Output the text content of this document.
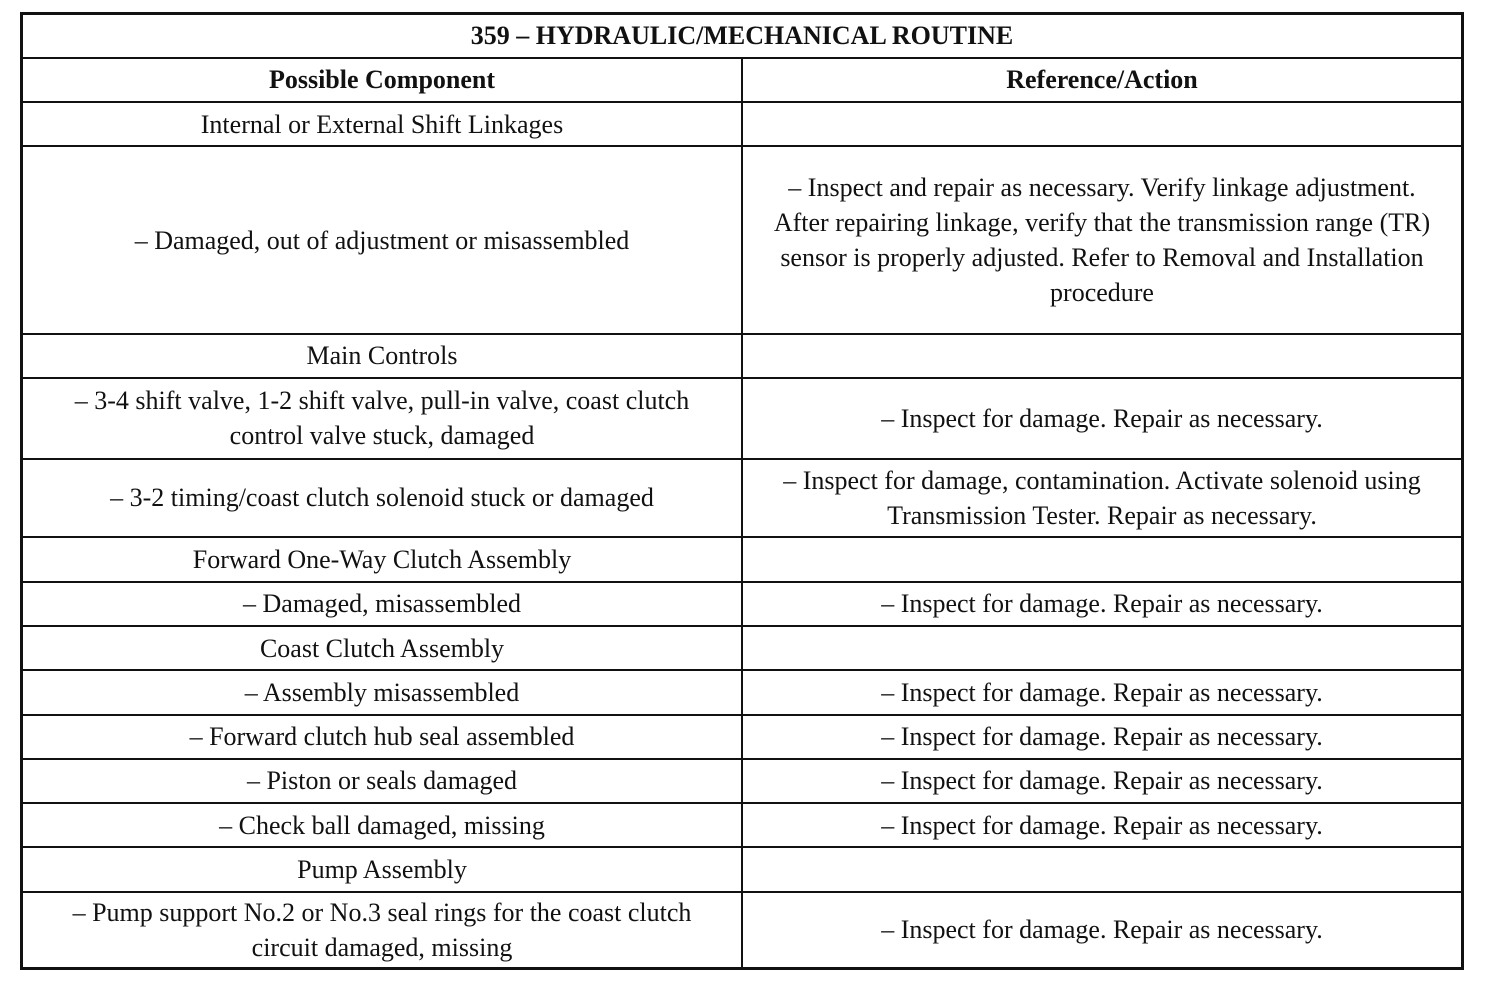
359 – HYDRAULIC/MECHANICAL ROUTINE	
Possible Component	Reference/Action
Internal or External Shift Linkages	
– Damaged, out of adjustment or misassembled	– Inspect and repair as necessary. Verify linkage adjustment. After repairing linkage, verify that the transmission range (TR) sensor is properly adjusted. Refer to Removal and Installation procedure
Main Controls	
– 3-4 shift valve, 1-2 shift valve, pull-in valve, coast clutch control valve stuck, damaged	– Inspect for damage. Repair as necessary.
– 3-2 timing/coast clutch solenoid stuck or damaged	– Inspect for damage, contamination. Activate solenoid using Transmission Tester. Repair as necessary.
Forward One-Way Clutch Assembly	
– Damaged, misassembled	– Inspect for damage. Repair as necessary.
Coast Clutch Assembly	
– Assembly misassembled	– Inspect for damage. Repair as necessary.
– Forward clutch hub seal assembled	– Inspect for damage. Repair as necessary.
– Piston or seals damaged	– Inspect for damage. Repair as necessary.
– Check ball damaged, missing	– Inspect for damage. Repair as necessary.
Pump Assembly	
– Pump support No.2 or No.3 seal rings for the coast clutch circuit damaged, missing	– Inspect for damage. Repair as necessary.
